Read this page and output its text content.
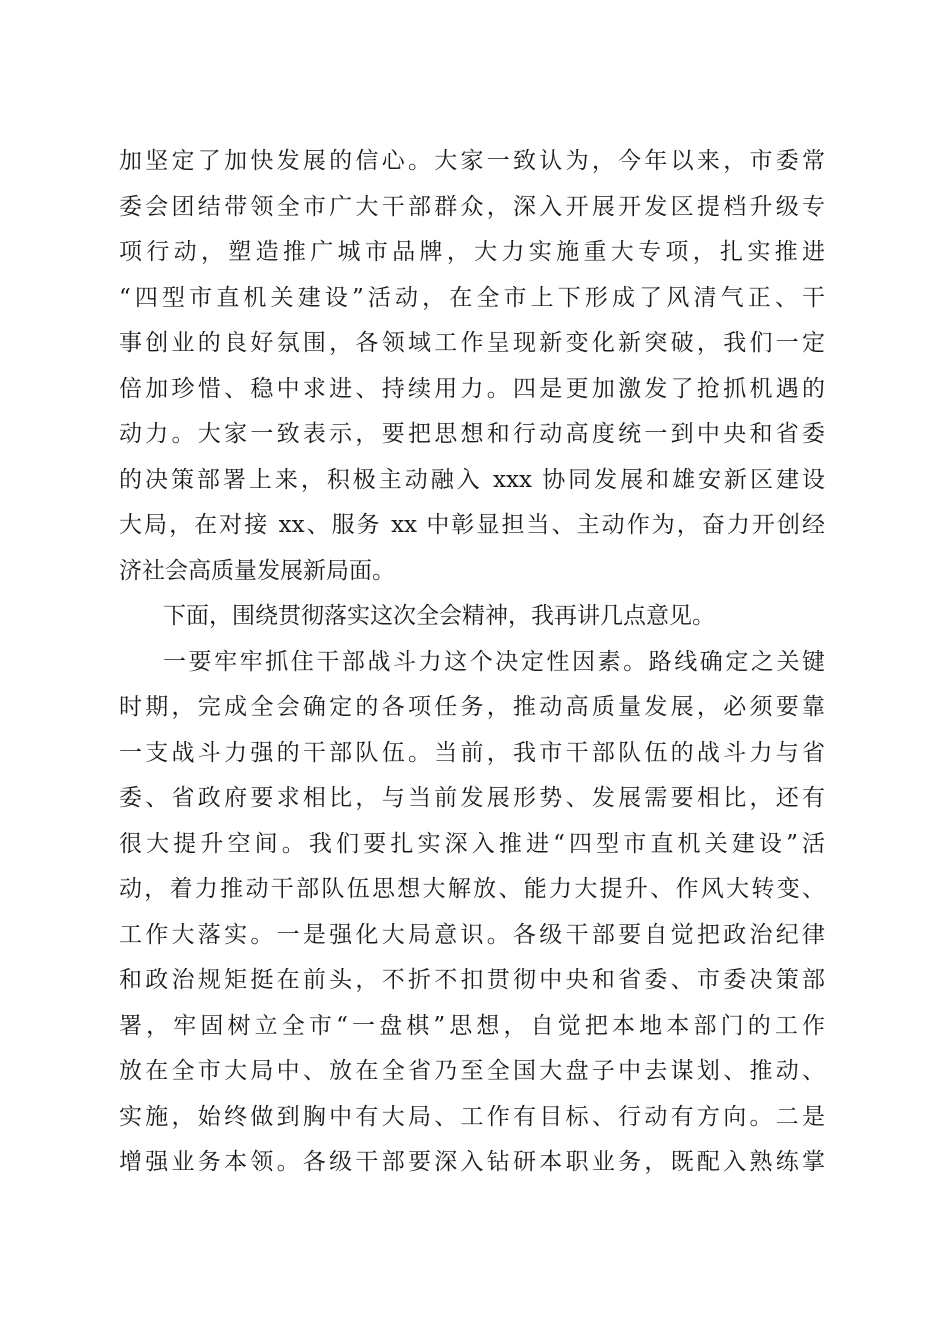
加坚定了加快发展的信心。大家一致认为，今年以来，市委常
委会团结带领全市广大干部群众，深入开展开发区提档升级专
项行动，塑造推广城市品牌，大力实施重大专项，扎实推进
“四型市直机关建设”活动，在全市上下形成了风清气正、干
事创业的良好氛围，各领域工作呈现新变化新突破，我们一定
倍加珍惜、稳中求进、持续用力。四是更加激发了抢抓机遇的
动力。大家一致表示，要把思想和行动高度统一到中央和省委
的决策部署上来，积极主动融入 xxx 协同发展和雄安新区建设
大局，在对接 xx、服务 xx 中彰显担当、主动作为，奋力开创经
济社会高质量发展新局面。
下面，围绕贯彻落实这次全会精神，我再讲几点意见。
一要牢牢抓住干部战斗力这个决定性因素。路线确定之关键
时期，完成全会确定的各项任务，推动高质量发展，必须要靠
一支战斗力强的干部队伍。当前，我市干部队伍的战斗力与省
委、省政府要求相比，与当前发展形势、发展需要相比，还有
很大提升空间。我们要扎实深入推进“四型市直机关建设”活
动，着力推动干部队伍思想大解放、能力大提升、作风大转变、
工作大落实。一是强化大局意识。各级干部要自觉把政治纪律
和政治规矩挺在前头，不折不扣贯彻中央和省委、市委决策部
署，牢固树立全市“一盘棋”思想，自觉把本地本部门的工作
放在全市大局中、放在全省乃至全国大盘子中去谋划、推动、
实施，始终做到胸中有大局、工作有目标、行动有方向。二是
增强业务本领。各级干部要深入钻研本职业务，既配入熟练掌
